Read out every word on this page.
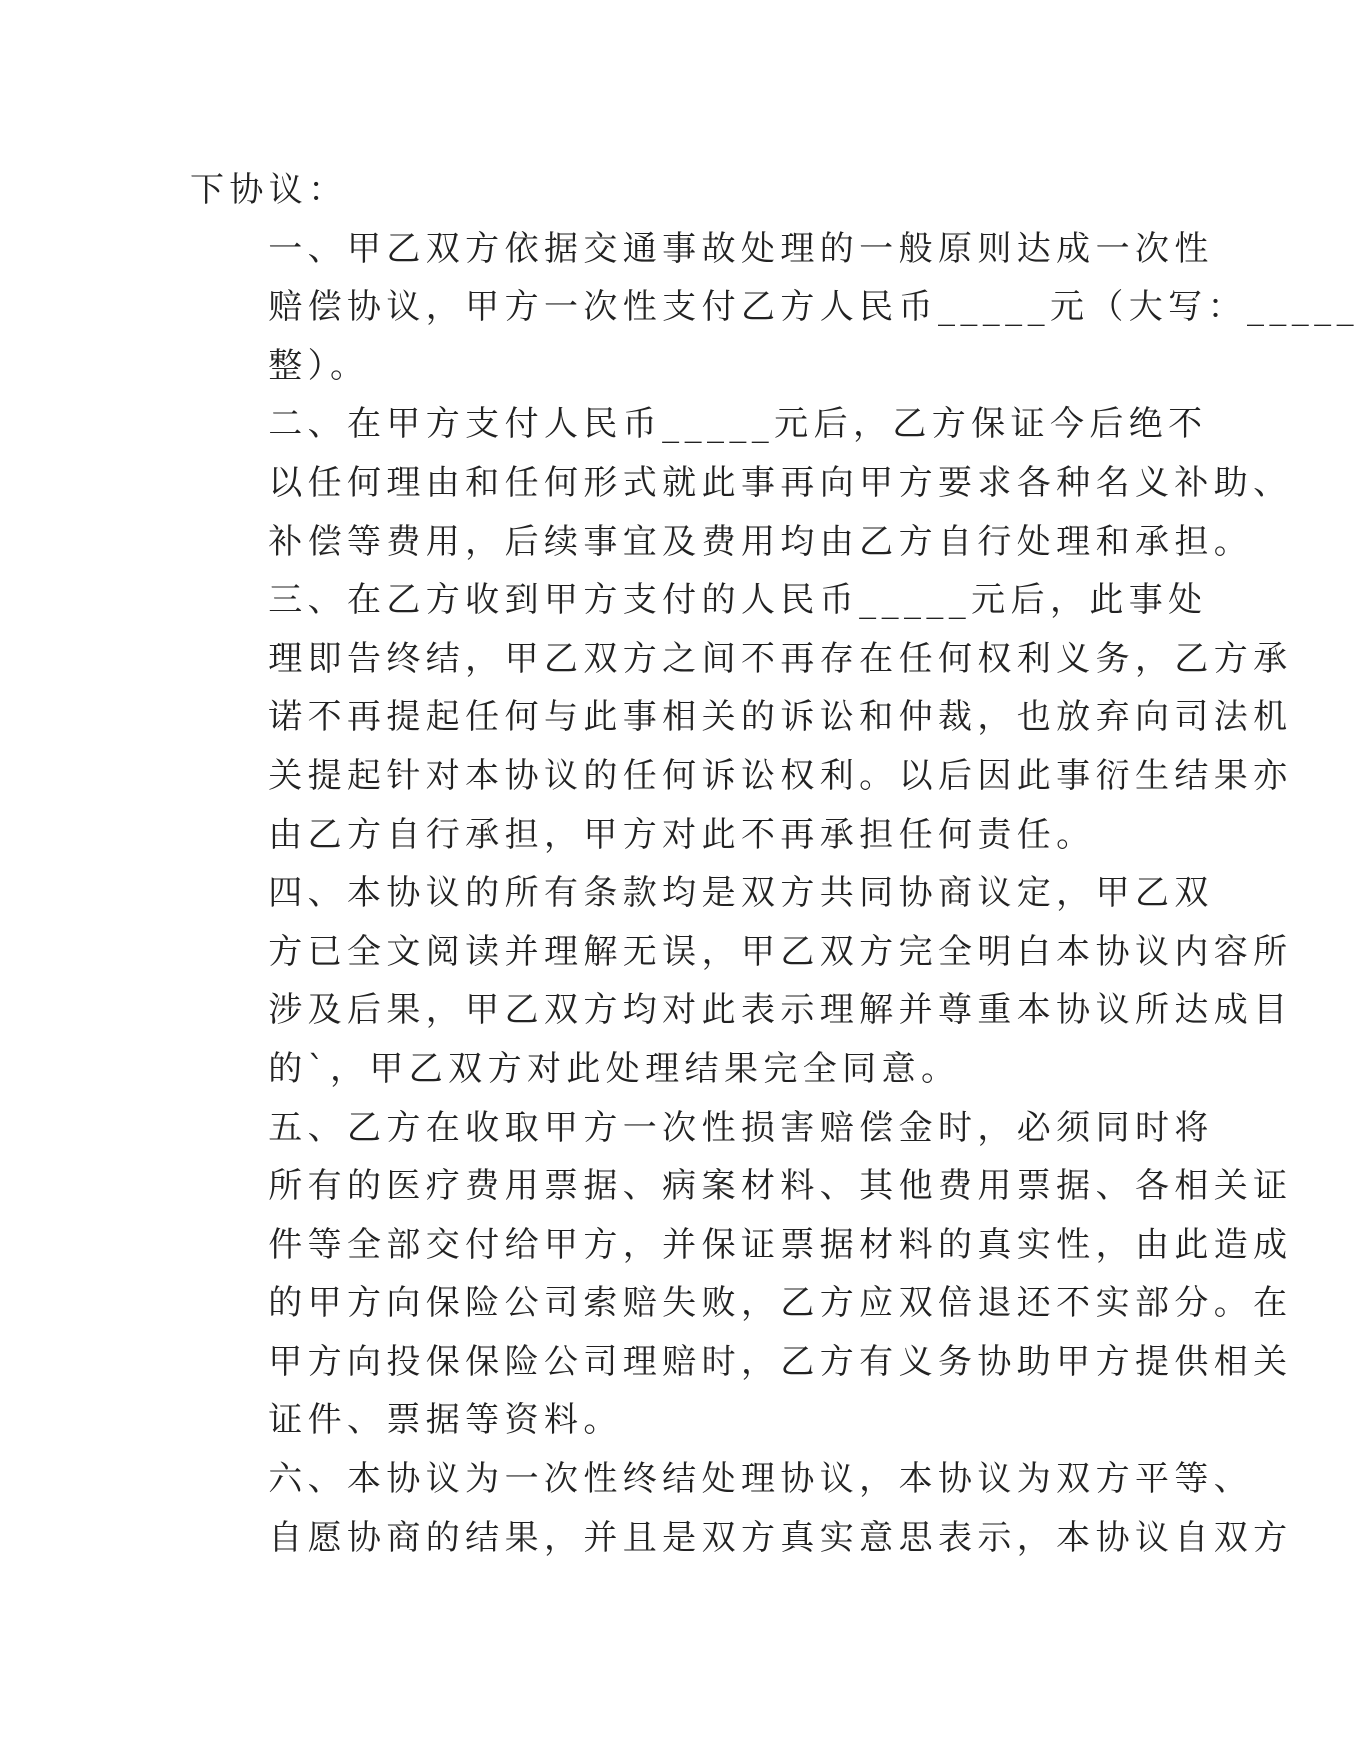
下协议：

一、甲乙双方依据交通事故处理的一般原则达成一次性
赔偿协议，甲方一次性支付乙方人民币_____元（大写：_____
整）。

二、在甲方支付人民币_____元后，乙方保证今后绝不
以任何理由和任何形式就此事再向甲方要求各种名义补助、
补偿等费用，后续事宜及费用均由乙方自行处理和承担。

三、在乙方收到甲方支付的人民币_____元后，此事处
理即告终结，甲乙双方之间不再存在任何权利义务，乙方承
诺不再提起任何与此事相关的诉讼和仲裁，也放弃向司法机
关提起针对本协议的任何诉讼权利。以后因此事衍生结果亦
由乙方自行承担，甲方对此不再承担任何责任。

四、本协议的所有条款均是双方共同协商议定，甲乙双
方已全文阅读并理解无误，甲乙双方完全明白本协议内容所
涉及后果，甲乙双方均对此表示理解并尊重本协议所达成目
的`，甲乙双方对此处理结果完全同意。

五、乙方在收取甲方一次性损害赔偿金时，必须同时将
所有的医疗费用票据、病案材料、其他费用票据、各相关证
件等全部交付给甲方，并保证票据材料的真实性，由此造成
的甲方向保险公司索赔失败，乙方应双倍退还不实部分。在
甲方向投保保险公司理赔时，乙方有义务协助甲方提供相关
证件、票据等资料。

六、本协议为一次性终结处理协议，本协议为双方平等、
自愿协商的结果，并且是双方真实意思表示，本协议自双方
